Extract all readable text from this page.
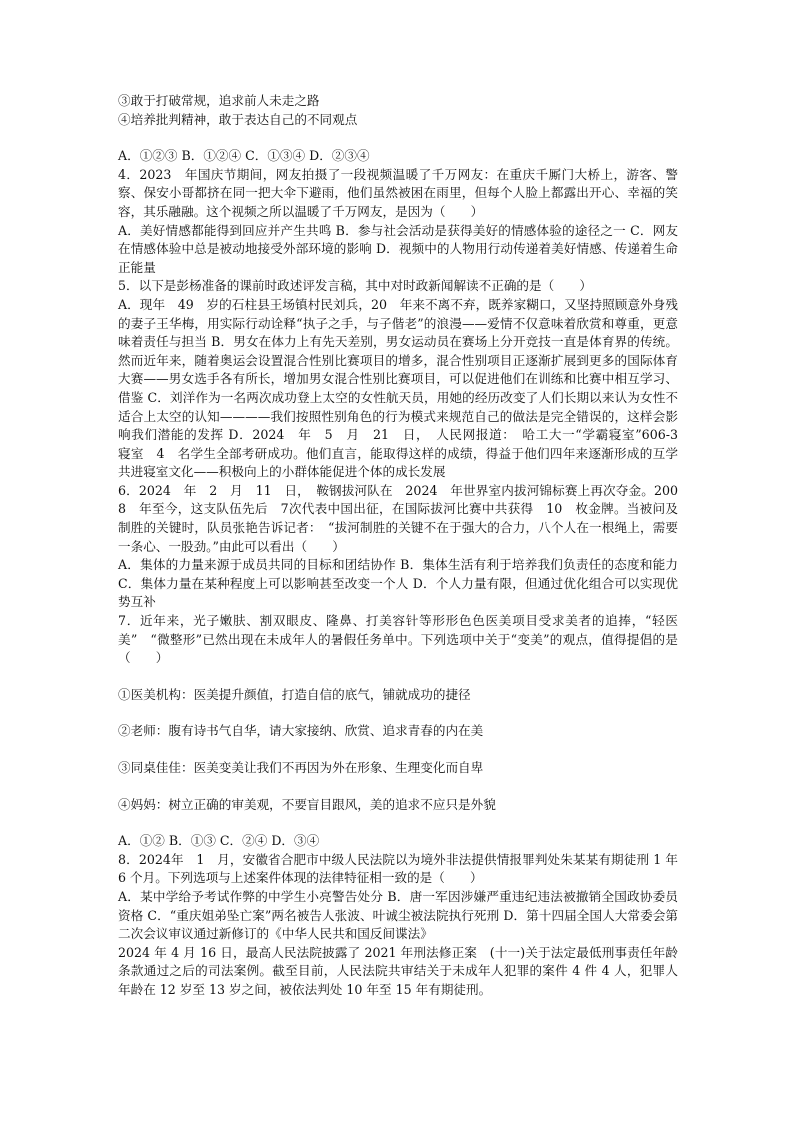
③敢于打破常规，追求前人未走之路
④培养批判精神，敢于表达自己的不同观点
A．①②③ B．①②④ C．①③④ D．②③④
4．2023　年国庆节期间，网友拍摄了一段视频温暖了千万网友：在重庆千厮门大桥上，游客、警察、保安小哥都挤在同一把大伞下避雨，他们虽然被困在雨里，但每个人脸上都露出开心、幸福的笑容，其乐融融。这个视频之所以温暖了千万网友，是因为（　　）
A．美好情感都能得到回应并产生共鸣 B．参与社会活动是获得美好的情感体验的途径之一 C．网友在情感体验中总是被动地接受外部环境的影响 D．视频中的人物用行动传递着美好情感、传递着生命正能量
5．以下是彭杨准备的课前时政述评发言稿，其中对时政新闻解读不正确的是（　　）
A．现年　49　岁的石柱县王场镇村民刘兵，20　年来不离不弃，既养家糊口，又坚持照顾意外身残的妻子王华梅，用实际行动诠释“执子之手，与子偕老”的浪漫——爱情不仅意味着欣赏和尊重，更意味着责任与担当 B．男女在体力上有先天差别，男女运动员在赛场上分开竞技一直是体育界的传统。然而近年来，随着奥运会设置混合性别比赛项目的增多，混合性别项目正逐渐扩展到更多的国际体育大赛——男女选手各有所长，增加男女混合性别比赛项目，可以促进他们在训练和比赛中相互学习、借鉴 C．刘洋作为一名两次成功登上太空的女性航天员，用她的经历改变了人们长期以来认为女性不适合上太空的认知————我们按照性别角色的行为模式来规范自己的做法是完全错误的，这样会影响我们潜能的发挥 D．2024　年　5　月　21　日，　人民网报道：　哈工大一“学霸寝室”606-3　寝室　4　名学生全部考研成功。他们直言，能取得这样的成绩，得益于他们四年来逐渐形成的互学共进寝室文化——积极向上的小群体能促进个体的成长发展
6．2024　年　2　月　11　日，　鞍钢拔河队在　2024　年世界室内拔河锦标赛上再次夺金。2008　年至今，这支队伍先后　7次代表中国出征，在国际拔河比赛中共获得　10　枚金牌。当被问及制胜的关键时，队员张艳告诉记者：　“拔河制胜的关键不在于强大的合力，八个人在一根绳上，需要一条心、一股劲。”由此可以看出（　　）
A．集体的力量来源于成员共同的目标和团结协作 B．集体生活有利于培养我们负责任的态度和能力 C．集体力量在某种程度上可以影响甚至改变一个人 D．个人力量有限，但通过优化组合可以实现优势互补
7．近年来，光子嫩肤、割双眼皮、隆鼻、打美容针等形形色色医美项目受求美者的追捧，“轻医美”　“微整形”已然出现在未成年人的暑假任务单中。下列选项中关于“变美”的观点，值得提倡的是（　　）
①医美机构：医美提升颜值，打造自信的底气，铺就成功的捷径
②老师：腹有诗书气自华，请大家接纳、欣赏、追求青春的内在美
③同桌佳佳：医美变美让我们不再因为外在形象、生理变化而自卑
④妈妈：树立正确的审美观，不要盲目跟风，美的追求不应只是外貌
A．①② B．①③ C．②④ D．③④
8．2024年　1　月，安徽省合肥市中级人民法院以为境外非法提供情报罪判处朱某某有期徒刑 1 年 6 个月。下列选项与上述案件体现的法律特征相一致的是（　　）
A．某中学给予考试作弊的中学生小亮警告处分 B．唐一军因涉嫌严重违纪违法被撤销全国政协委员资格 C．“重庆姐弟坠亡案”两名被告人张波、叶诚尘被法院执行死刑 D．第十四届全国人大常委会第二次会议审议通过新修订的《中华人民共和国反间谍法》
2024 年 4 月 16 日，最高人民法院披露了 2021 年刑法修正案　(十一)关于法定最低刑事责任年龄条款通过之后的司法案例。截至目前，人民法院共审结关于未成年人犯罪的案件 4 件 4 人，犯罪人年龄在 12 岁至 13 岁之间，被依法判处 10 年至 15 年有期徒刑。
